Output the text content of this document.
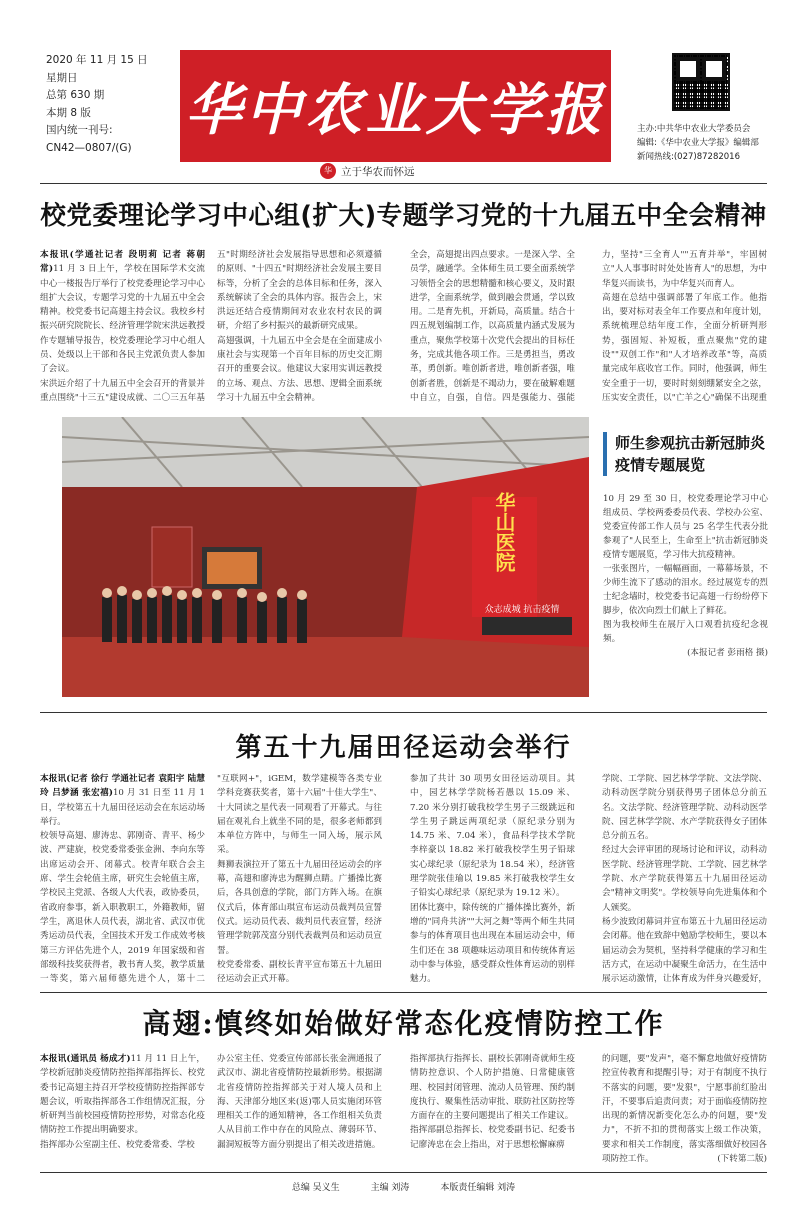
2020 年 11 月 15 日
星期日
总第 630 期
本期 8 版
国内统一刊号:
CN42—0807/(G)
华中农业大学报
华 立于华农而怀远
主办:中共华中农业大学委员会
编辑:《华中农业大学报》编辑部
新闻热线:(027)87282016
校党委理论学习中心组(扩大)专题学习党的十九届五中全会精神
本报讯(学通社记者 段明莉 记者 蒋朝常)11 月 3 日上午，学校在国际学术交流中心一楼报告厅举行了校党委理论学习中心组扩大会议，专题学习党的十九届五中全会精神。校党委书记高翅主持会议。我校乡村振兴研究院院长、经济管理学院宋洪远教授作专题辅导报告，校党委理论学习中心组人员、处级以上干部和各民主党派负责人参加了会议。
宋洪远介绍了十九届五中全会召开的背景并重点围绕"十三五"建设成就、二〇三五年基
五"时期经济社会发展指导思想和必须遵循的原则、"十四五"时期经济社会发展主要目标等，分析了全会的总体目标和任务，深入系统解读了全会的具体内容。报告会上，宋洪远还结合疫情期间对农业农村农民的调研，介绍了乡村振兴的最新研究成果。
高翅强调，十九届五中全会是在全面建成小康社会与实现第一个百年目标的历史交汇期召开的重要会议。他建议大家用实训远教授的立场、观点、方法、思想、逻辑全面系统学习十九届五中全会精神。

全会，高翅提出四点要求。一是深入学、全员学，融通学。全体师生员工要全面系统学习领悟全会的思想精髓和核心要义，及时跟进学，全面系统学，做到融会贯通，学以致用。二是育先机，开新局，高质量。结合十四五规划编制工作，以高质量内涵式发展为重点，聚焦学校第十次党代会提出的目标任务，完成其他各项工作。三是勇担当，勇改革，勇创新。唯创新者进，唯创新者强，唯创新者胜，创新是不竭动力，要在破解难题中自立，自强，自信。四是强能力、强能
力，坚持"三全育人""五育并举"，牢固树立"人人事事时时处处皆育人"的思想，为中华复兴而读书，为中华复兴而育人。
高翅在总结中强调部署了年底工作。他指出，要对标对表全年工作要点和年度计划，系统梳理总结年度工作，全面分析研判形势，强固短、补短板，重点聚焦"党的建设""双创工作"和"人才培养改革"等，高质量完成年底收官工作。同时，他强调，师生安全重于一切，要时时刻刻绷紧安全之弦，压实安全责任，以"亡羊之心"确保不出现重
华山医院
众志成城 抗击疫情
师生参观抗击新冠肺炎疫情专题展览
10 月 29 至 30 日，校党委理论学习中心组成员、学校两委委员代表、学校办公室、党委宣传部工作人员与 25 名学生代表分批参观了"人民至上，生命至上"抗击新冠肺炎疫情专题展览，学习伟大抗疫精神。
一张张图片，一幅幅画面，一幕幕场景，不少师生流下了感动的泪水。经过展览专的烈士纪念墙时，校党委书记高翅一行纷纷停下脚步，依次向烈士们献上了鲜花。
图为我校师生在展厅入口观看抗疫纪念视频。
(本报记者 彭雨格 摄)
第五十九届田径运动会举行
本报讯(记者 徐行 学通社记者 袁阳宇 陆慧玲 吕梦涵 张宏禧)10 月 31 日至 11 月 1 日，学校第五十九届田径运动会在东运动场举行。
校领导高翅、廖涛忠、郭刚奇、青平、杨少波、严建旋，校党委常委张金洲、李向东等出席运动会开、闭幕式。校青年联合会主席、学生会轮值主席，研究生会轮值主席，学校民主党派、各级人大代表，政协委员，省政府参事，新入职教职工，外籍教师，留学生，离退休人员代表，湖北省、武汉市优秀运动员代表，全国技术开发工作成效考核第三方评估先进个人，2019 年国家级和省部级科技奖获得者，教书育人奖，教学质量一等奖，第六届师德先进个人，第十二
"互联网+"，iGEM，数学建模等各类专业学科竞赛获奖者，第十六届"十佳大学生"、十大同读之星代表一同观看了开幕式。与往届在观礼台上就坐不同的是，很多老师都到本单位方阵中，与师生一同入场，展示风采。
舞狮表演拉开了第五十九届田径运动会的序幕，高翅和廖涛忠为醒狮点睛。广播操比赛后，各具创意的学院，部门方阵入场。在旗仪式后，体育部山琪宣布运动员裁判员宣誓仪式。运动员代表、裁判员代表宣誓，经济管理学院郭茂富分别代表裁判员和运动员宣誓。
校党委常委、副校长青平宣布第五十九届田径运动会正式开幕。

参加了共计 30 项男女田径运动项目。其中，园艺林学学院杨若愚以 15.09 米、7.20 米分别打破我校学生男子三级跳远和学生男子跳远两项纪录（原纪录分别为 14.75 米、7.04 米），食品科学技术学院李梓豪以 18.82 米打破我校学生男子铅球实心球纪录（原纪录为 18.54 米），经济管理学院张佳瑜以 19.85 米打破我校学生女子铅实心球纪录（原纪录为 19.12 米）。
团体比赛中，除传统的广播体操比赛外，新增的"同舟共济""大河之舞"等两个师生共同参与的体育项目也出现在本届运动会中，师生们还在 38 项趣味运动项目和传统体育运动中参与体验，感受群众性体育运动的别样魅力。

学院、工学院、园艺林学学院、文法学院、动科动医学院分别获得男子团体总分前五名。文法学院、经济管理学院、动科动医学院、园艺林学学院、水产学院获得女子团体总分前五名。
经过大会评审团的现场讨论和评议，动科动医学院、经济管理学院、工学院、园艺林学学院、水产学院获得第五十九届田径运动会"精神文明奖"。学校领导向先进集体和个人颁奖。
杨少波致闭幕词并宣布第五十九届田径运动会闭幕。他在致辞中勉励学校师生，要以本届运动会为契机，坚持科学健康的学习和生活方式，在运动中凝聚生命活力，在生活中展示运动激情，让体育成为伴身兴趣爱好，
高翅:慎终如始做好常态化疫情防控工作
本报讯(通讯员 杨成才)11 月 11 日上午，学校新冠肺炎疫情防控指挥部指挥长、校党委书记高翅主持召开学校疫情防控指挥部专题会议，听取指挥部各工作组情况汇报，分析研判当前校园疫情防控形势，对常态化疫情防控工作提出明确要求。
指挥部办公室副主任、校党委常委、学校
办公室主任、党委宣传部部长张金洲通报了武汉市、湖北省疫情防控最新形势。根据湖北省疫情防控指挥部关于对人境人员和上海、天津部分地区来(返)鄂人员实施闭环管理相关工作的通知精神，各工作组相关负责人从目前工作中存在的风险点、薄弱环节、漏洞短板等方面分别提出了相关改进措施。
指挥部执行指挥长、副校长郭刚奇就师生疫情防控意识、个人防护措施、日常健康管理、校园封闭管理、流动人员管理、预约制度执行、聚集性活动审批、联防社区防控等方面存在的主要问题提出了相关工作建议。
指挥部副总指挥长、校党委副书记、纪委书记廖涛忠在会上指出，对于思想松懈麻痹
的问题，要"发声"，毫不懈怠地做好疫情防控宣传教育和提醒引导；对于有制度不执行不落实的问题，要"发狠"，宁愿事前红脸出汗，不要事后追责问责；对于面临疫情防控出现的新情况新变化怎么办的问题，要"发力"，不折不扣的贯彻落实上级工作决策，要求和相关工作制度，落实落细做好校园各项防控工作。	(下转第二版)
总编 吴义生	主编 刘涛	本版责任编辑 刘涛
